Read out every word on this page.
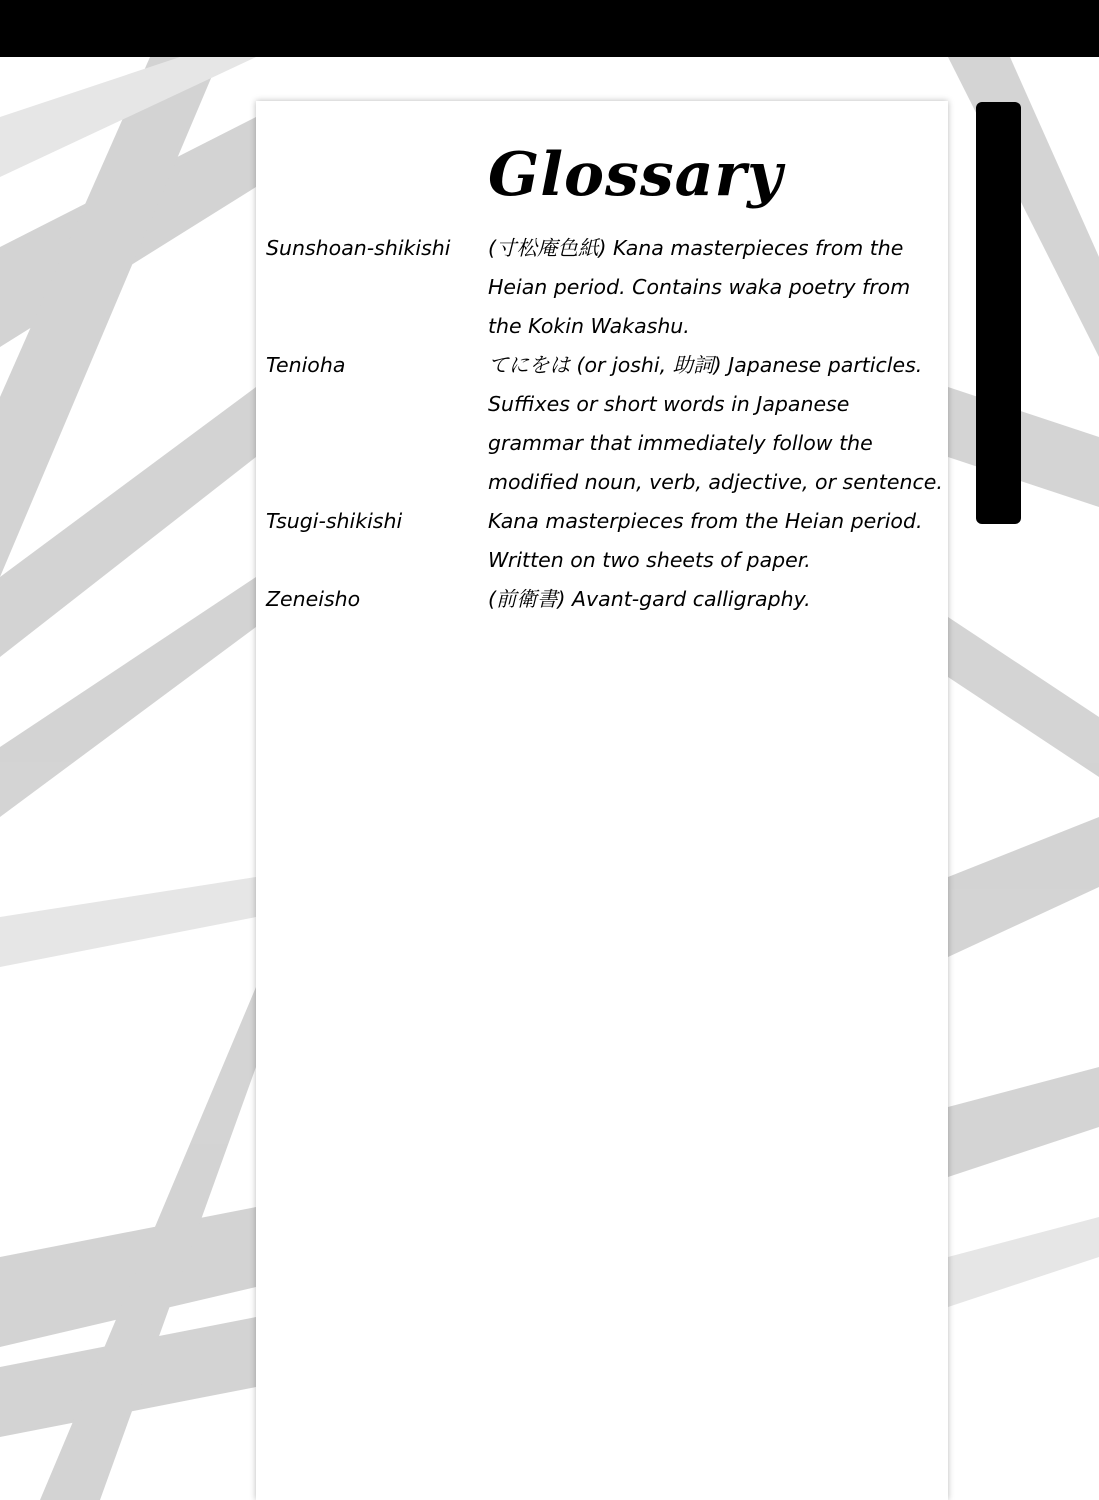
Glossary
Sunshoan-shikishi	(寸松庵色紙) Kana masterpieces from the Heian period. Contains waka poetry from the Kokin Wakashu.
Tenioha	てにをは (or joshi, 助詞) Japanese particles. Suffixes or short words in Japanese grammar that immediately follow the modified noun, verb, adjective, or sentence.
Tsugi-shikishi	Kana masterpieces from the Heian period. Written on two sheets of paper.
Zeneisho	(前衛書) Avant-gard calligraphy.
